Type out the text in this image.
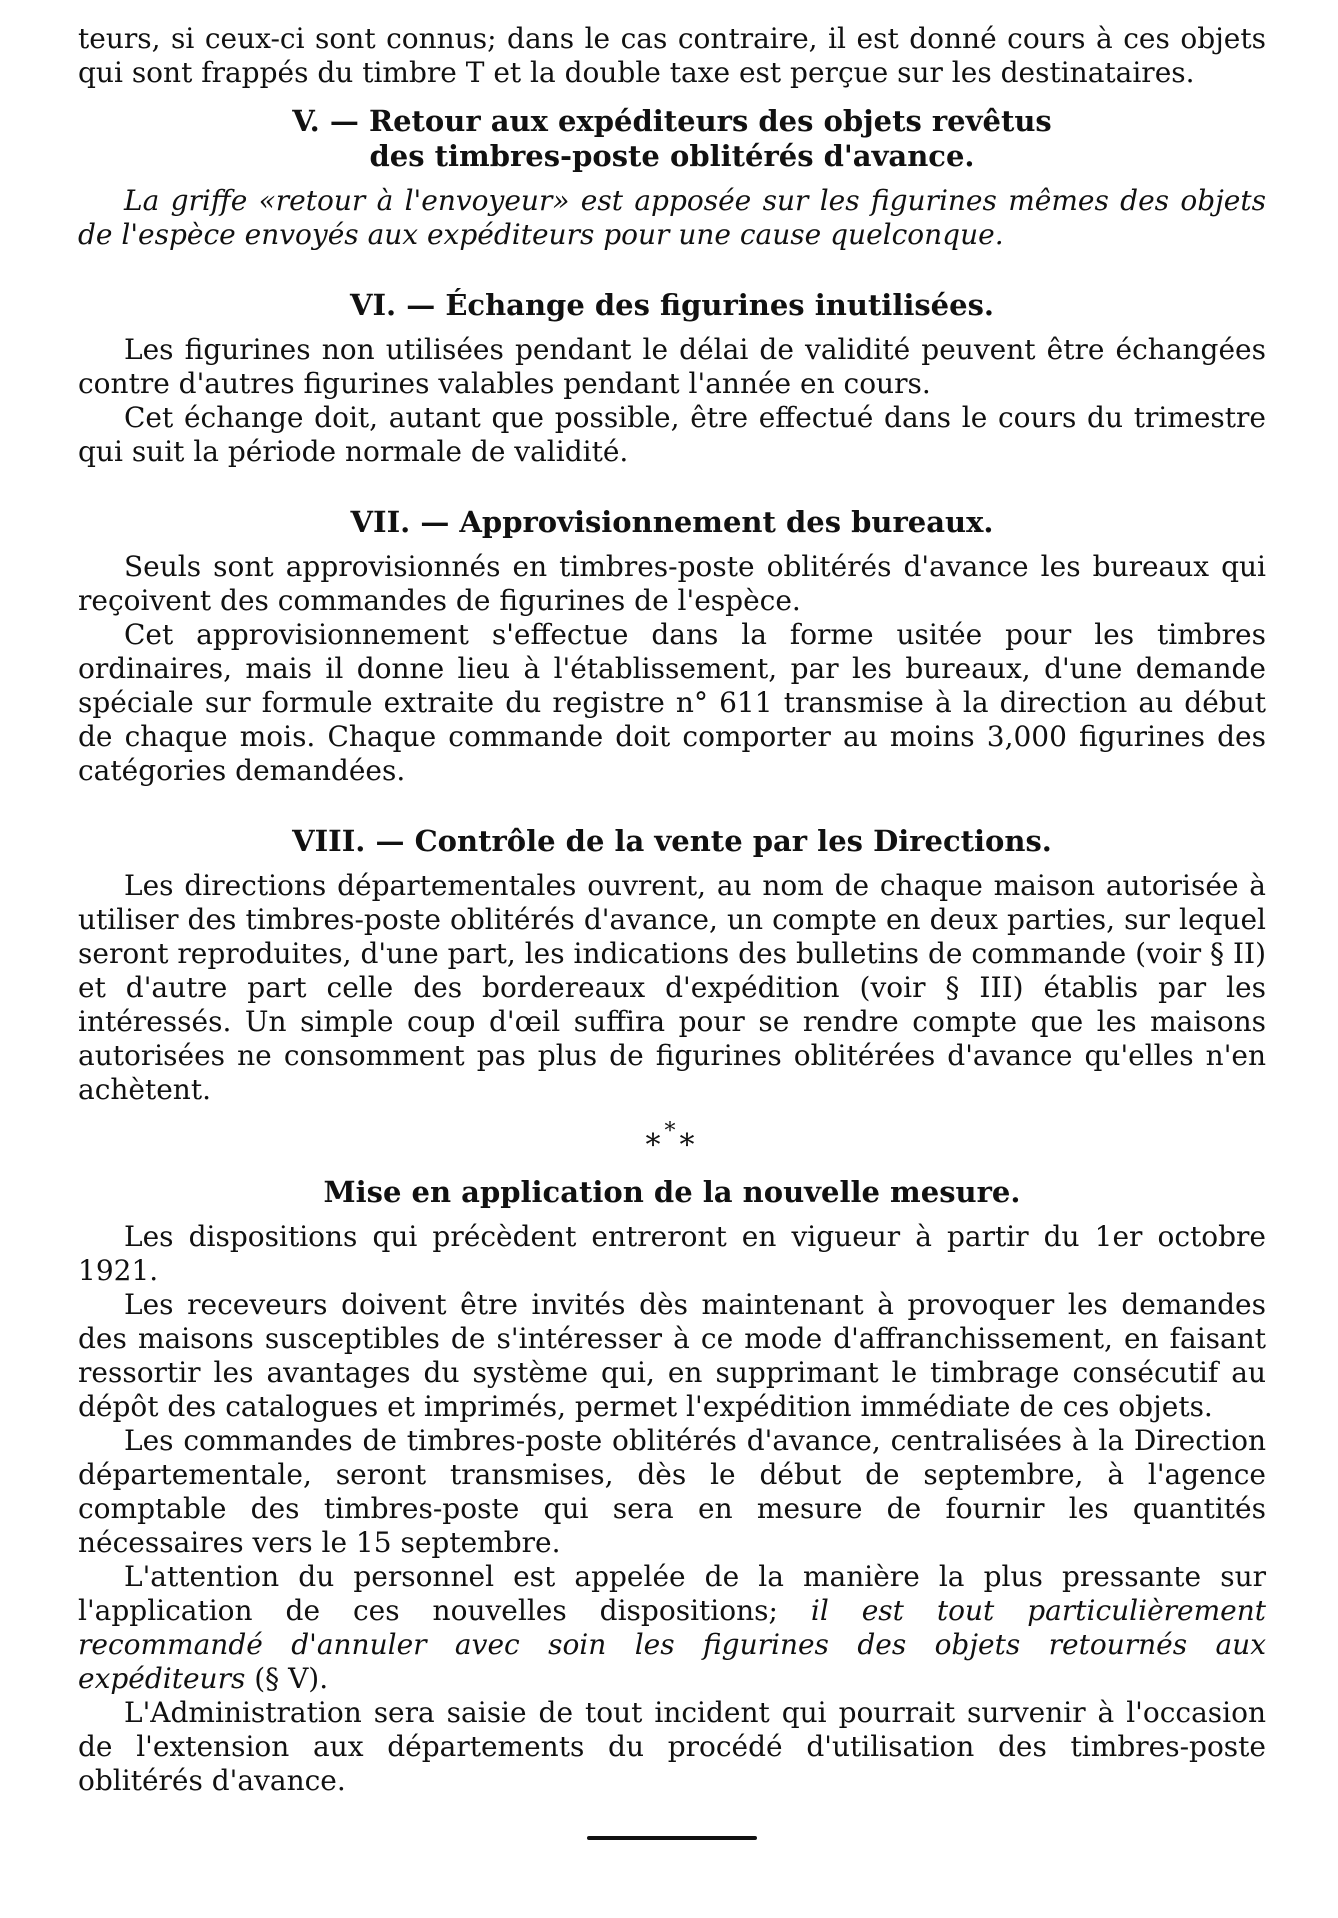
teurs, si ceux-ci sont connus; dans le cas contraire, il est donné cours à ces objets qui sont frappés du timbre T et la double taxe est perçue sur les destinataires.

V. — Retour aux expéditeurs des objets revêtus
des timbres-poste oblitérés d'avance.

La griffe «retour à l'envoyeur» est apposée sur les figurines mêmes des objets de l'espèce envoyés aux expéditeurs pour une cause quelconque.

VI. — Échange des figurines inutilisées.

Les figurines non utilisées pendant le délai de validité peuvent être échangées contre d'autres figurines valables pendant l'année en cours.

Cet échange doit, autant que possible, être effectué dans le cours du trimestre qui suit la période normale de validité.

VII. — Approvisionnement des bureaux.

Seuls sont approvisionnés en timbres-poste oblitérés d'avance les bureaux qui reçoivent des commandes de figurines de l'espèce.

Cet approvisionnement s'effectue dans la forme usitée pour les timbres ordinaires, mais il donne lieu à l'établissement, par les bureaux, d'une demande spéciale sur formule extraite du registre n° 611 transmise à la direction au début de chaque mois. Chaque commande doit comporter au moins 3,000 figurines des catégories demandées.

VIII. — Contrôle de la vente par les Directions.

Les directions départementales ouvrent, au nom de chaque maison autorisée à utiliser des timbres-poste oblitérés d'avance, un compte en deux parties, sur lequel seront reproduites, d'une part, les indications des bulletins de commande (voir § II) et d'autre part celle des bordereaux d'expédition (voir § III) établis par les intéressés. Un simple coup d'œil suffira pour se rendre compte que les maisons autorisées ne consomment pas plus de figurines oblitérées d'avance qu'elles n'en achètent.

***
Mise en application de la nouvelle mesure.

Les dispositions qui précèdent entreront en vigueur à partir du 1er octobre 1921.

Les receveurs doivent être invités dès maintenant à provoquer les demandes des maisons susceptibles de s'intéresser à ce mode d'affranchissement, en faisant ressortir les avantages du système qui, en supprimant le timbrage consécutif au dépôt des catalogues et imprimés, permet l'expédition immédiate de ces objets.

Les commandes de timbres-poste oblitérés d'avance, centralisées à la Direction départementale, seront transmises, dès le début de septembre, à l'agence comptable des timbres-poste qui sera en mesure de fournir les quantités nécessaires vers le 15 septembre.

L'attention du personnel est appelée de la manière la plus pressante sur l'application de ces nouvelles dispositions; il est tout particulièrement recommandé d'annuler avec soin les figurines des objets retournés aux expéditeurs (§ V).

L'Administration sera saisie de tout incident qui pourrait survenir à l'occasion de l'extension aux départements du procédé d'utilisation des timbres-poste oblitérés d'avance.
